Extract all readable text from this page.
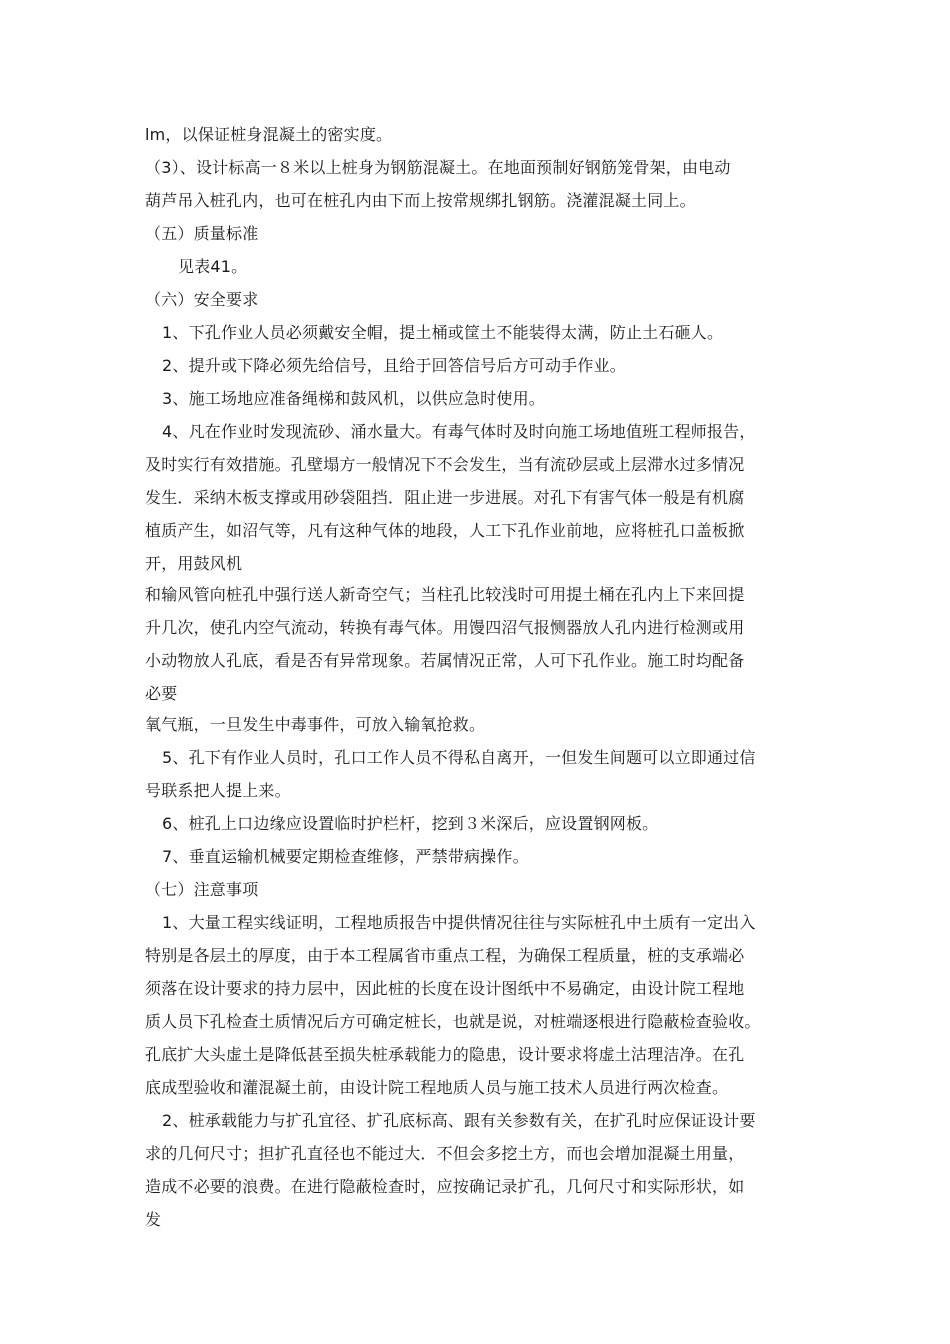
lm，以保证桩身混凝土的密实度。

（3）、设计标高一８米以上桩身为钢筋混凝土。在地面预制好钢筋笼骨架，由电动

葫芦吊入桩孔内，也可在桩孔内由下而上按常规绑扎钢筋。浇灌混凝土同上。

（五）质量标准

见表41。

（六）安全要求

1、下孔作业人员必须戴安全帽，提土桶或筐土不能装得太满，防止土石砸人。

2、提升或下降必须先给信号，且给于回答信号后方可动手作业。

3、施工场地应准备绳梯和鼓风机，以供应急时使用。

4、凡在作业时发现流砂、涌水量大。有毒气体时及时向施工场地值班工程师报告，

及时实行有效措施。孔壁塌方一般情况下不会发生，当有流砂层或上层滞水过多情况

发生．采纳木板支撑或用砂袋阻挡．阻止进一步进展。对孔下有害气体一般是有机腐

植质产生，如沼气等，凡有这种气体的地段，人工下孔作业前地，应将桩孔口盖板掀

开，用鼓风机

和输风管向桩孔中强行送人新奇空气；当柱孔比较浅时可用提土桶在孔内上下来回提

升几次，使孔内空气流动，转换有毒气体。用馒四沼气报恻器放人孔内进行检测或用

小动物放人孔底，看是否有异常现象。若属情况正常，人可下孔作业。施工时均配备

必要

氧气瓶，一旦发生中毒事件，可放入输氧抢救。

5、孔下有作业人员时，孔口工作人员不得私自离开，一但发生间题可以立即通过信

号联系把人提上来。

6、桩孔上口边缘应设置临时护栏杆，挖到３米深后，应设置钢网板。

7、垂直运输机械要定期检查维修，严禁带病操作。

（七）注意事项

1、大量工程实线证明，工程地质报告中提供情况往往与实际桩孔中土质有一定出入

特别是各层土的厚度，由于本工程属省市重点工程，为确保工程质量，桩的支承端必

须落在设计要求的持力层中，因此桩的长度在设计图纸中不易确定，由设计院工程地

质人员下孔检查土质情况后方可确定桩长，也就是说，对桩端逐根进行隐蔽检查验收。

孔底扩大头虚土是降低甚至损失桩承载能力的隐患，设计要求将虚土沽理洁净。在孔

底成型验收和灌混凝土前，由设计院工程地质人员与施工技术人员进行两次检查。

2、桩承载能力与扩孔宜径、扩孔底标高、跟有关参数有关，在扩孔时应保证设计要

求的几何尺寸；担扩孔直径也不能过大．不但会多挖土方，而也会增加混凝土用量，

造成不必要的浪费。在进行隐蔽检查时，应按确记录扩孔，几何尺寸和实际形状，如

发
